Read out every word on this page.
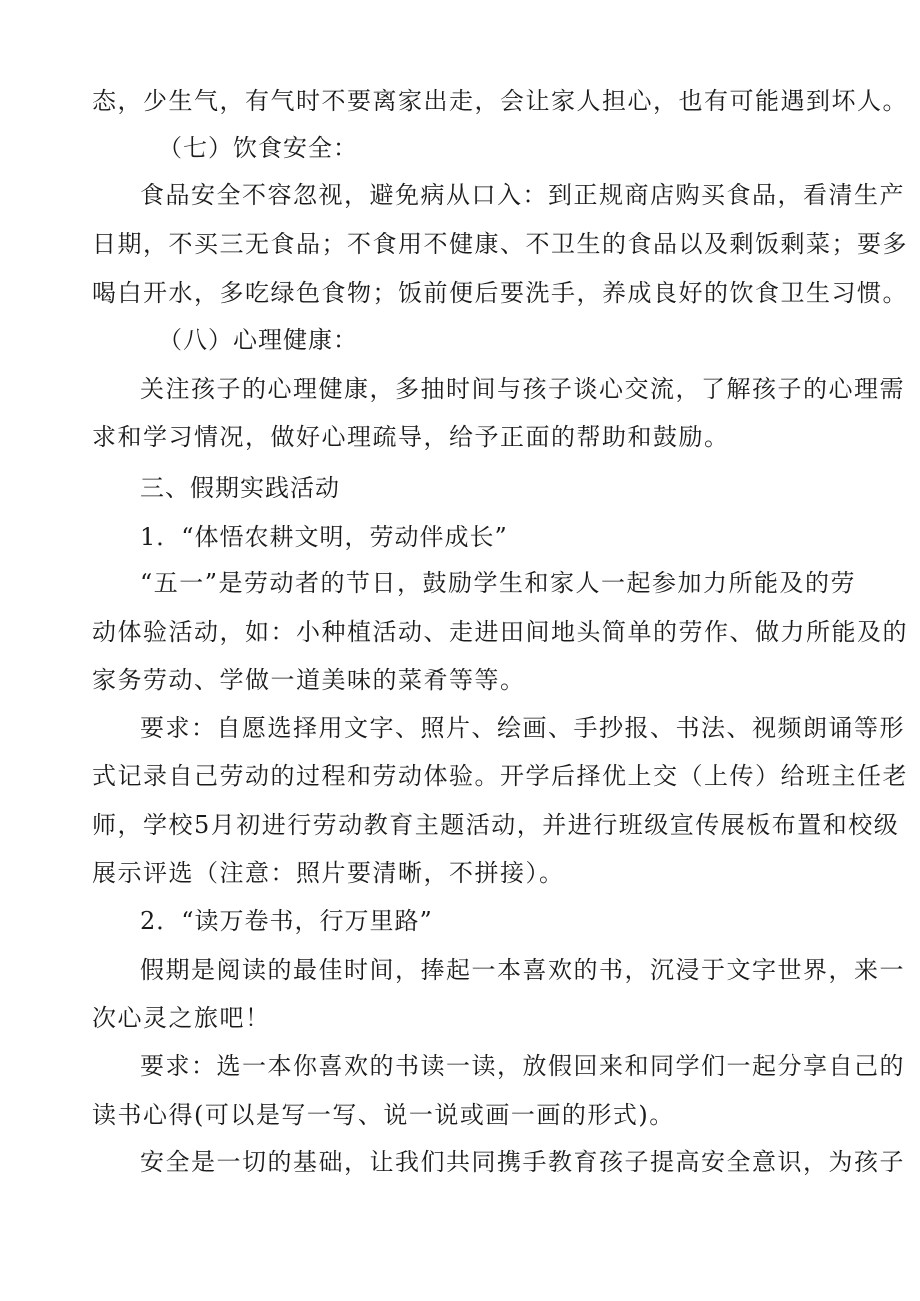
态，少生气，有气时不要离家出走，会让家人担心，也有可能遇到坏人。
（七）饮食安全：
食品安全不容忽视，避免病从口入：到正规商店购买食品，看清生产
日期，不买三无食品；不食用不健康、不卫生的食品以及剩饭剩菜；要多
喝白开水，多吃绿色食物；饭前便后要洗手，养成良好的饮食卫生习惯。
（八）心理健康：
关注孩子的心理健康，多抽时间与孩子谈心交流，了解孩子的心理需
求和学习情况，做好心理疏导，给予正面的帮助和鼓励。
三、假期实践活动
1．“体悟农耕文明，劳动伴成长”
“五一”是劳动者的节日，鼓励学生和家人一起参加力所能及的劳
动体验活动，如：小种植活动、走进田间地头简单的劳作、做力所能及的
家务劳动、学做一道美味的菜肴等等。
要求：自愿选择用文字、照片、绘画、手抄报、书法、视频朗诵等形
式记录自己劳动的过程和劳动体验。开学后择优上交（上传）给班主任老
师，学校5月初进行劳动教育主题活动，并进行班级宣传展板布置和校级
展示评选（注意：照片要清晰，不拼接）。
2．“读万卷书，行万里路”
假期是阅读的最佳时间，捧起一本喜欢的书，沉浸于文字世界，来一
次心灵之旅吧！
要求：选一本你喜欢的书读一读，放假回来和同学们一起分享自己的
读书心得(可以是写一写、说一说或画一画的形式)。
安全是一切的基础，让我们共同携手教育孩子提高安全意识，为孩子
